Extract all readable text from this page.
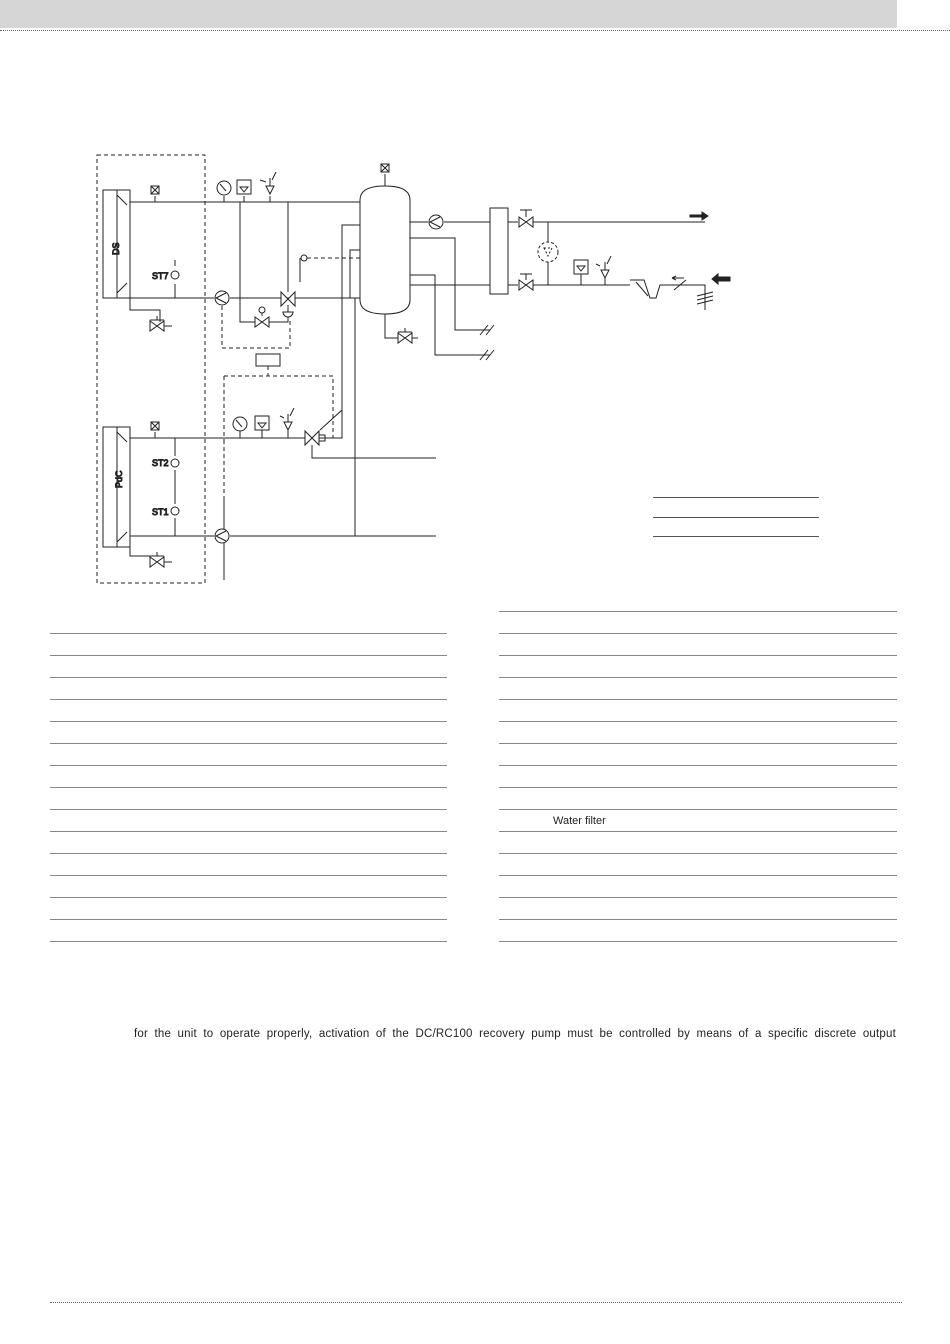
DS
PdC
ST7
ST2
ST1
Water filter
for the unit to operate properly, activation of the DC/RC100 recovery pump must be controlled by means of a specific discrete output
